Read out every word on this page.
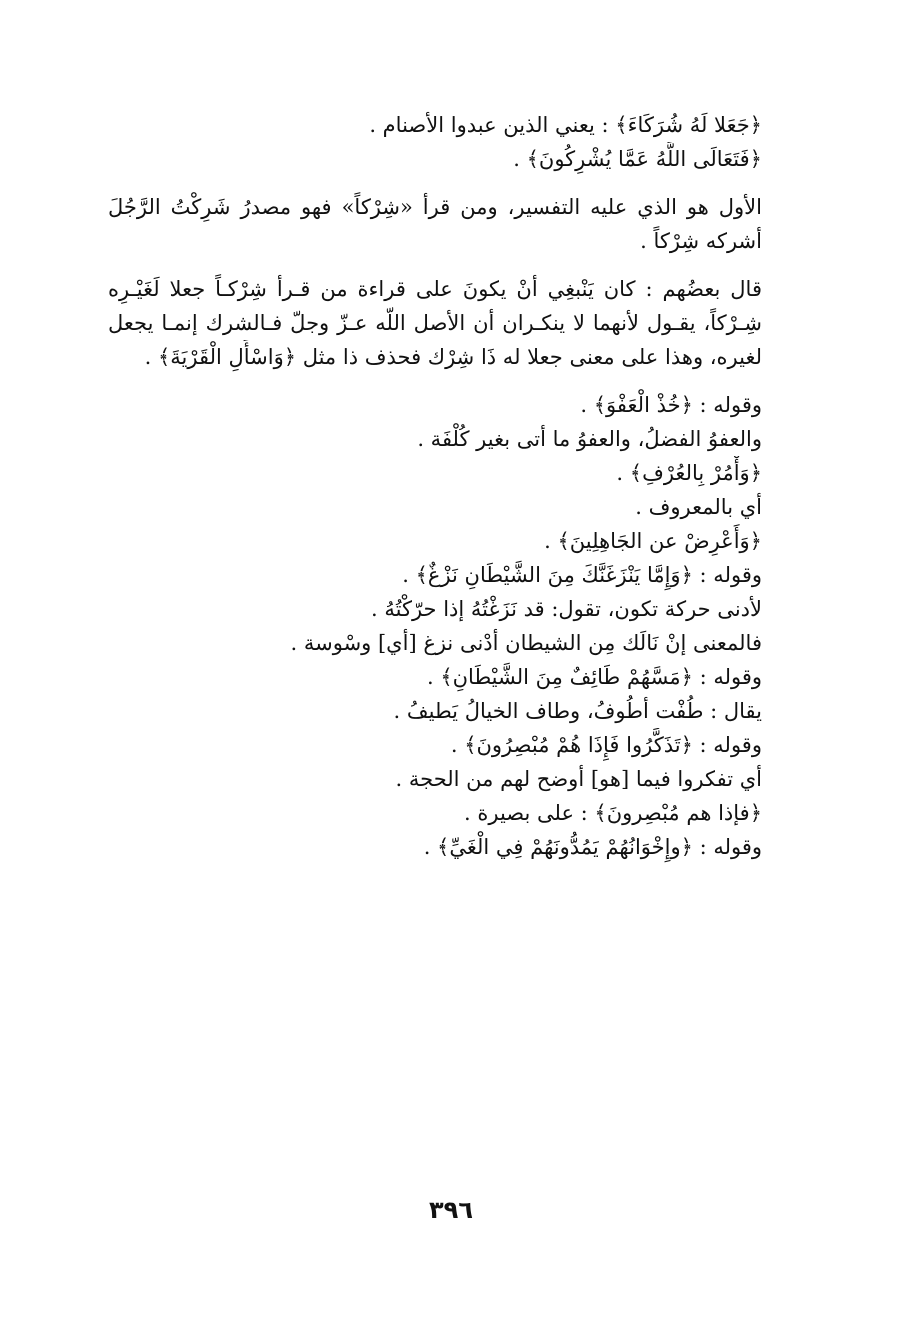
﴿جَعَلا لَهُ شُرَكَاءَ﴾ : يعني الذين عبدوا الأصنام .
﴿فَتَعَالَى اللَّهُ عَمَّا يُشْرِكُونَ﴾ .
الأول هو الذي عليه التفسير، ومن قرأ «شِرْكاً» فهو مصدرُ شَرِكْتُ الرَّجُلَ
أشركه شِرْكاً .
قال بعضُهم : كان يَنْبغِي أنْ يكونَ على قراءة من قـرأ شِرْكـاً جعلا لَغَيْـرِه
شِـرْكاً، يقـول لأنهما لا ينكـران أن الأصل اللّه عـزّ وجلّ فـالشرك إنمـا يجعل
لغيره، وهذا على معنى جعلا له ذَا شِرْك فحذف ذا مثل ﴿وَاسْأَلِ الْقَرْيَةَ﴾ .
وقوله : ﴿خُذْ الْعَفْوَ﴾ .
والعفوُ الفضلُ، والعفوُ ما أتى بغير كُلْفَة .
﴿وَأْمُرْ بِالعُرْفِ﴾ .
أي بالمعروف .
﴿وَأَعْرِضْ عن الجَاهِلِينَ﴾ .
وقوله : ﴿وَإِمَّا يَنْزَغَنَّكَ مِنَ الشَّيْطَانِ نَزْغٌ﴾ .
لأدنى حركة تكون، تقول: قد نَزَغْتُهُ إذا حرّكْتُهُ .
فالمعنى إنْ نَالَك مِن الشيطان أدْنى نزغ [أي] وسْوسة .
وقوله : ﴿مَسَّهُمْ طَائِفٌ مِنَ الشَّيْطَانِ﴾ .
يقال : طُفْت أطُوفُ، وطاف الخيالُ يَطيفُ .
وقوله : ﴿تَذَكَّرُوا فَإِذَا هُمْ مُبْصِرُونَ﴾ .
أي تفكروا فيما [هو] أوضح لهم من الحجة .
﴿فإذا هم مُبْصِرونَ﴾ : على بصيرة .
وقوله : ﴿وإِخْوَانُهُمْ يَمُدُّونَهُمْ فِي الْغَيِّ﴾ .
٣٩٦
